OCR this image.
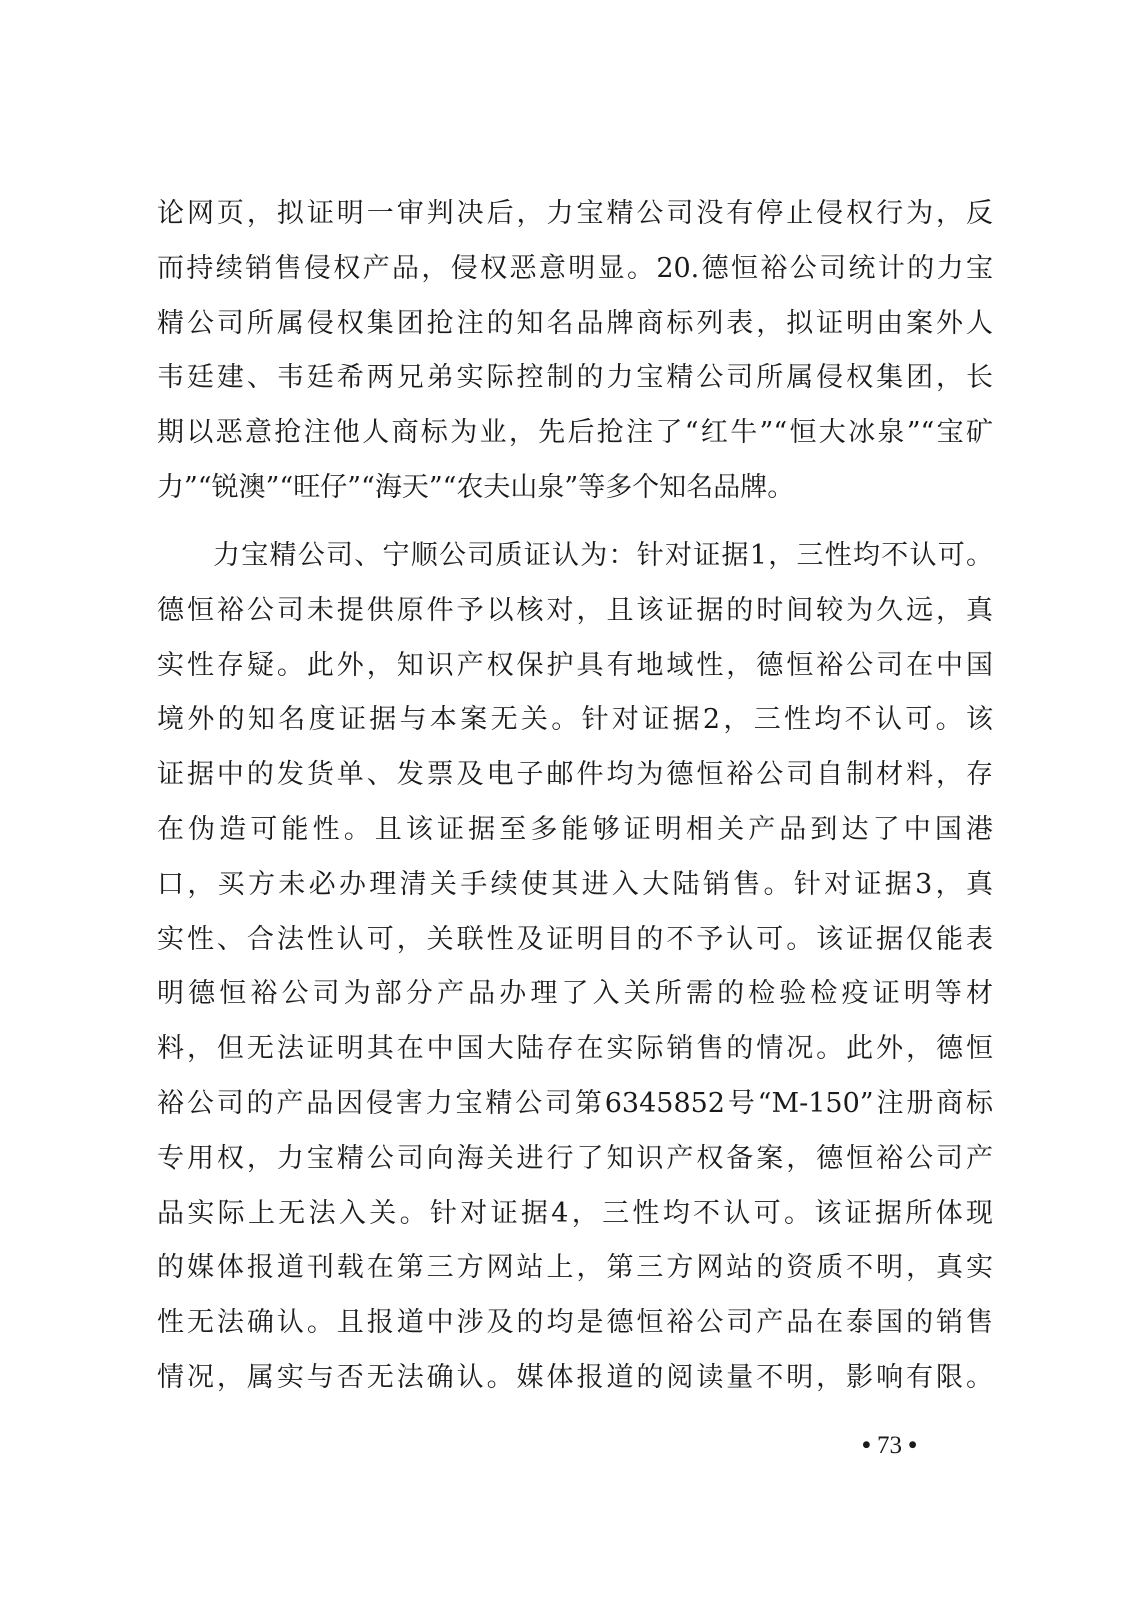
论网页，拟证明一审判决后，力宝精公司没有停止侵权行为，反
而持续销售侵权产品，侵权恶意明显。20.德恒裕公司统计的力宝
精公司所属侵权集团抢注的知名品牌商标列表，拟证明由案外人
韦廷建、韦廷希两兄弟实际控制的力宝精公司所属侵权集团，长
期以恶意抢注他人商标为业，先后抢注了“红牛”“恒大冰泉”“宝矿
力”“锐澳”“旺仔”“海天”“农夫山泉”等多个知名品牌。
力宝精公司、宁顺公司质证认为：针对证据1，三性均不认可。
德恒裕公司未提供原件予以核对，且该证据的时间较为久远，真
实性存疑。此外，知识产权保护具有地域性，德恒裕公司在中国
境外的知名度证据与本案无关。针对证据2，三性均不认可。该
证据中的发货单、发票及电子邮件均为德恒裕公司自制材料，存
在伪造可能性。且该证据至多能够证明相关产品到达了中国港
口，买方未必办理清关手续使其进入大陆销售。针对证据3，真
实性、合法性认可，关联性及证明目的不予认可。该证据仅能表
明德恒裕公司为部分产品办理了入关所需的检验检疫证明等材
料，但无法证明其在中国大陆存在实际销售的情况。此外，德恒
裕公司的产品因侵害力宝精公司第6345852号“M-150”注册商标
专用权，力宝精公司向海关进行了知识产权备案，德恒裕公司产
品实际上无法入关。针对证据4，三性均不认可。该证据所体现
的媒体报道刊载在第三方网站上，第三方网站的资质不明，真实
性无法确认。且报道中涉及的均是德恒裕公司产品在泰国的销售
情况，属实与否无法确认。媒体报道的阅读量不明，影响有限。
• 73 •
